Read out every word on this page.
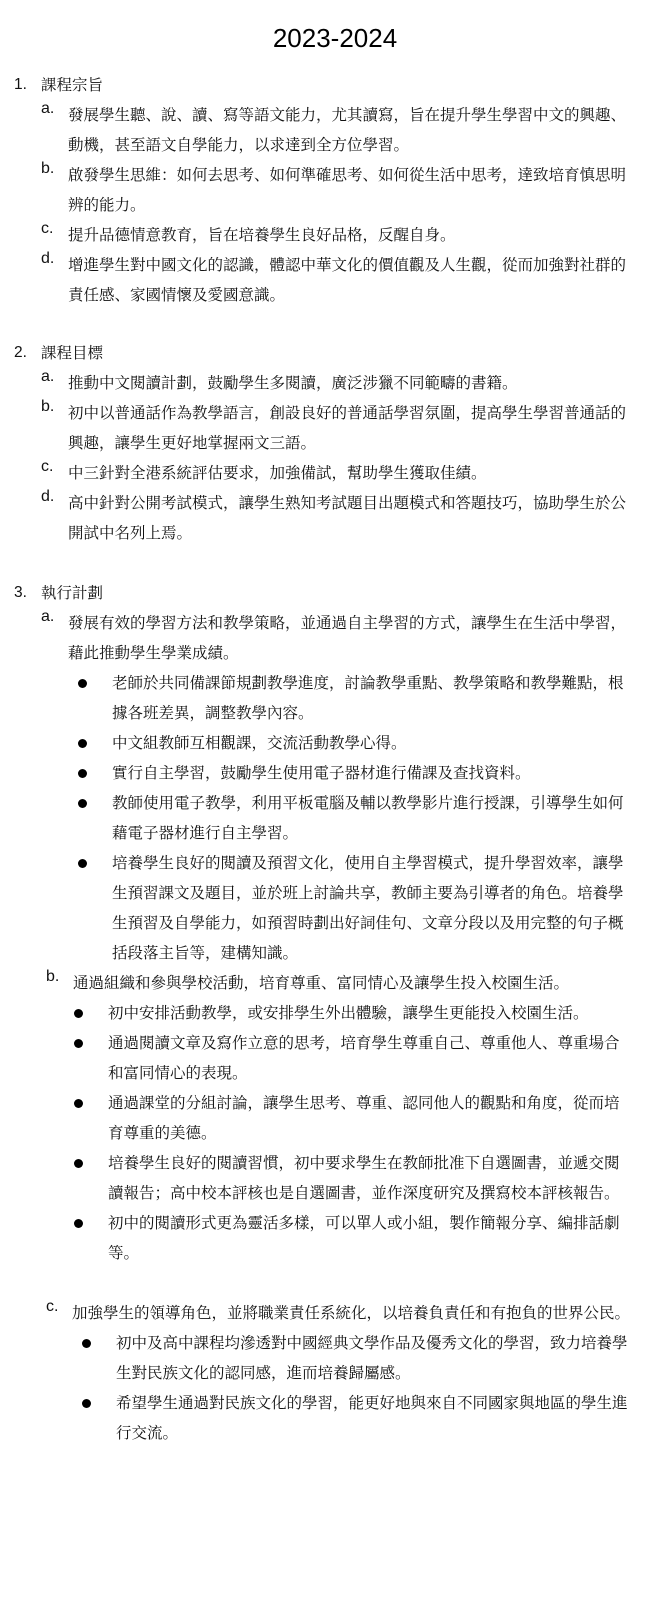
2023-2024
1. 課程宗旨

a. 發展學生聽、說、讀、寫等語文能力，尤其讀寫，旨在提升學生學習中文的興趣、動機，甚至語文自學能力，以求達到全方位學習。
b. 啟發學生思維：如何去思考、如何準確思考、如何從生活中思考，達致培育慎思明辨的能力。
c. 提升品德情意教育，旨在培養學生良好品格，反醒自身。
d. 增進學生對中國文化的認識，體認中華文化的價值觀及人生觀，從而加強對社群的責任感、家國情懷及愛國意識。
2. 課程目標

a. 推動中文閱讀計劃，鼓勵學生多閱讀，廣泛涉獵不同範疇的書籍。
b. 初中以普通話作為教學語言，創設良好的普通話學習氛圍，提高學生學習普通話的興趣，讓學生更好地掌握兩文三語。
c. 中三針對全港系統評估要求，加強備試，幫助學生獲取佳績。
d. 高中針對公開考試模式，讓學生熟知考試題目出題模式和答題技巧，協助學生於公開試中名列上焉。
3. 執行計劃

a. 發展有效的學習方法和教學策略，並通過自主學習的方式，讓學生在生活中學習，藉此推動學生學業成績。
老師於共同備課節規劃教學進度，討論教學重點、教學策略和教學難點，根據各班差異，調整教學內容。
中文組教師互相觀課，交流活動教學心得。
實行自主學習，鼓勵學生使用電子器材進行備課及查找資料。
教師使用電子教學，利用平板電腦及輔以教學影片進行授課，引導學生如何藉電子器材進行自主學習。
培養學生良好的閱讀及預習文化，使用自主學習模式，提升學習效率，讓學生預習課文及題目，並於班上討論共享，教師主要為引導者的角色。培養學生預習及自學能力，如預習時劃出好詞佳句、文章分段以及用完整的句子概括段落主旨等，建構知識。
b. 通過組織和參與學校活動，培育尊重、富同情心及讓學生投入校園生活。
初中安排活動教學，或安排學生外出體驗，讓學生更能投入校園生活。
通過閱讀文章及寫作立意的思考，培育學生尊重自己、尊重他人、尊重場合和富同情心的表現。
通過課堂的分組討論，讓學生思考、尊重、認同他人的觀點和角度，從而培育尊重的美德。
培養學生良好的閱讀習慣，初中要求學生在教師批准下自選圖書，並遞交閱讀報告；高中校本評核也是自選圖書，並作深度研究及撰寫校本評核報告。
初中的閱讀形式更為靈活多樣，可以單人或小組，製作簡報分享、編排話劇等。
c. 加強學生的領導角色，並將職業責任系統化，以培養負責任和有抱負的世界公民。
初中及高中課程均滲透對中國經典文學作品及優秀文化的學習，致力培養學生對民族文化的認同感，進而培養歸屬感。
希望學生通過對民族文化的學習，能更好地與來自不同國家與地區的學生進行交流。
